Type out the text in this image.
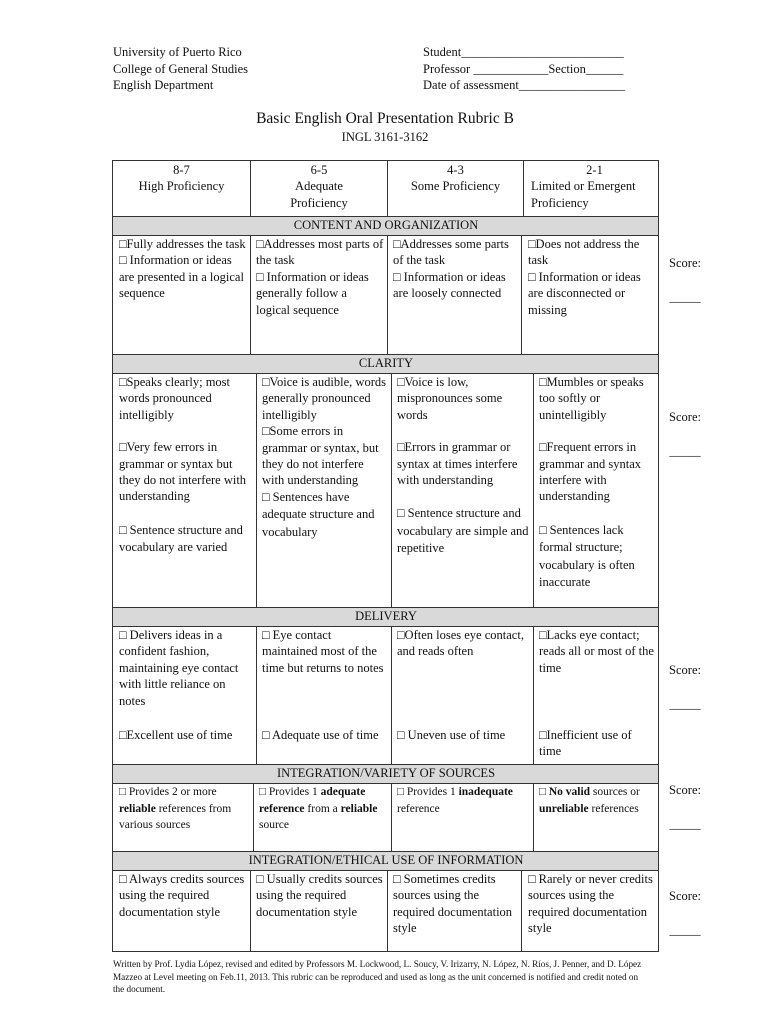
University of Puerto Rico
College of General Studies
English Department
Student__________________________
Professor ____________Section______
Date of assessment_________________
Basic English Oral Presentation Rubric B
INGL 3161-3162
CONTENT AND ORGANIZATION
CLARITY
DELIVERY
INTEGRATION/VARIETY OF SOURCES
INTEGRATION/ETHICAL USE OF INFORMATION
8-7
High Proficiency
6-5
Adequate Proficiency
4-3
Some Proficiency
2-1
Limited or Emergent Proficiency

□Fully addresses the task

□ Information or ideas are presented in a logical sequence

□Addresses most parts of the task

□ Information or ideas generally follow a logical sequence

□Addresses some parts of the task

□ Information or ideas are loosely connected

□Does not address the task

□ Information or ideas are disconnected or missing

□Speaks clearly; most words pronounced intelligibly

□Very few errors in grammar or syntax but they do not interfere with understanding

□ Sentence structure and vocabulary are varied

□Voice is audible, words generally pronounced intelligibly

□Some errors in grammar or syntax, but they do not interfere with understanding

□ Sentences have adequate structure and vocabulary

□Voice is low, mispronounces some words

□Errors in grammar or syntax at times interfere with understanding

□ Sentence structure and vocabulary are simple and repetitive

□Mumbles or speaks too softly or unintelligibly

□Frequent errors in grammar and syntax interfere with understanding

□ Sentences lack formal structure; vocabulary is often inaccurate

□ Delivers ideas in a confident fashion, maintaining eye contact with little reliance on notes

□Excellent use of time

□ Eye contact maintained most of the time but returns to notes

□ Adequate use of time

□Often loses eye contact, and reads often

□ Uneven use of time

□Lacks eye contact; reads all or most of the time

□Inefficient use of time

□ Provides 2 or more reliable references from various sources
□ Provides 1 adequate reference from a reliable source
□ Provides 1 inadequate reference
□ No valid sources or unreliable references
□ Always credits sources using the required documentation style
□ Usually credits sources using the required documentation style
□ Sometimes credits sources using the required documentation style
□ Rarely or never credits sources using the required documentation style
Score:
_____
Score:
_____
Score:
_____
Score:
_____
Score:
_____
Written by Prof. Lydia López, revised and edited by Professors M. Lockwood, L. Soucy, V. Irizarry, N. López, N. Ríos, J. Penner, and D. López Mazzeo at Level meeting on Feb.11, 2013. This rubric can be reproduced and used as long as the unit concerned is notified and credit noted on the document.
